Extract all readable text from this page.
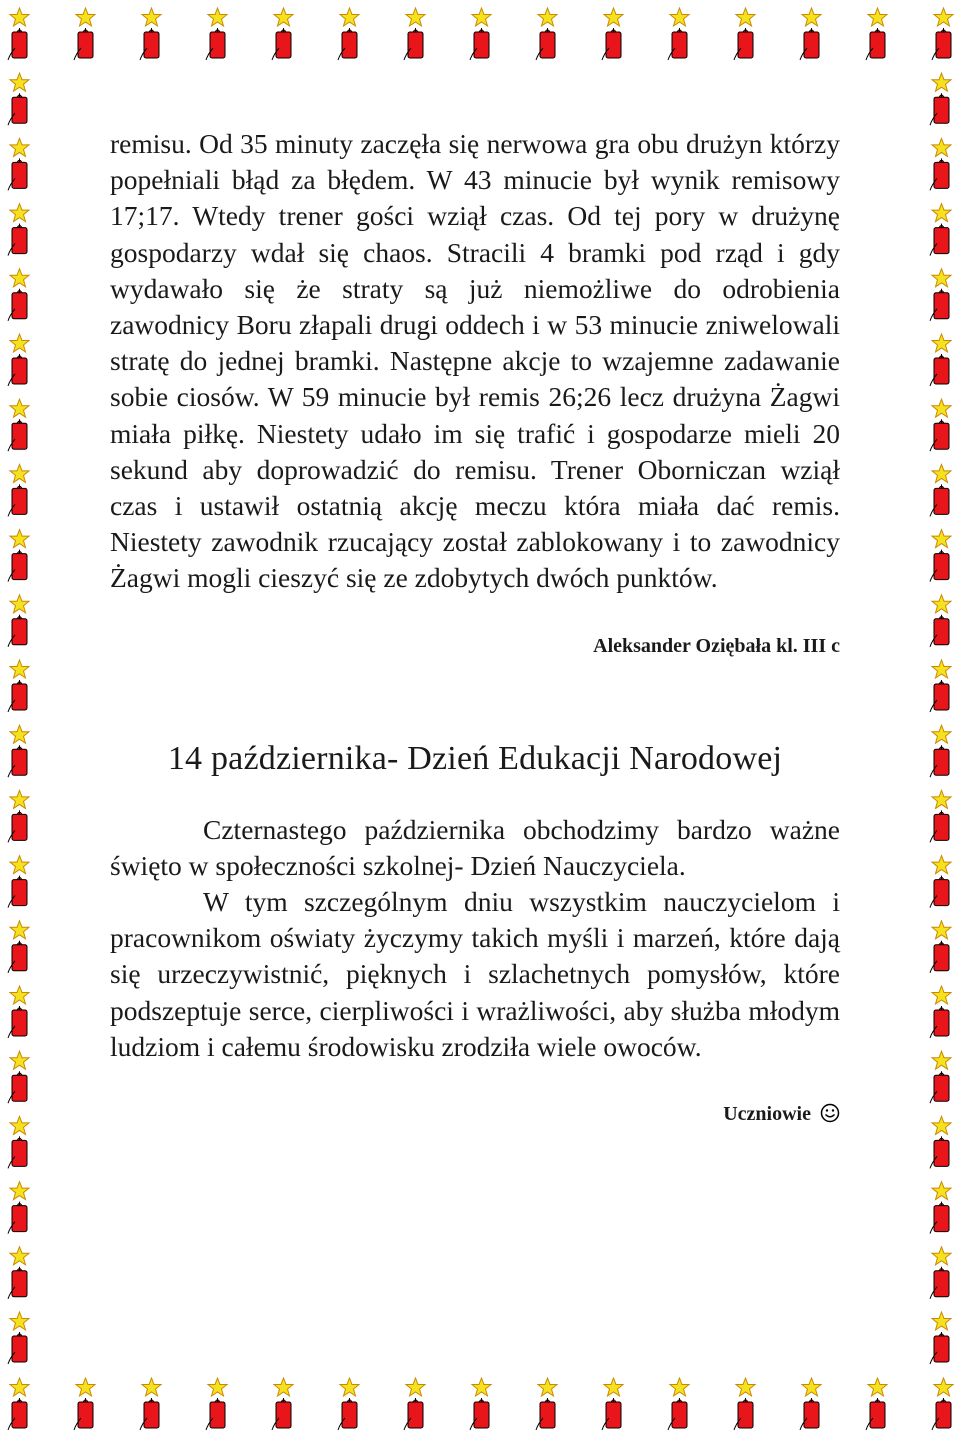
remisu. Od 35 minuty zaczęła się nerwowa gra obu drużyn którzy popełniali błąd za błędem. W 43 minucie był wynik remisowy 17;17. Wtedy trener gości wziął czas. Od tej pory w drużynę gospodarzy wdał się chaos. Stracili 4 bramki pod rząd i gdy wydawało się że straty są już niemożliwe do odrobienia zawodnicy Boru złapali drugi oddech i w 53 minucie zniwelowali stratę do jednej bramki. Następne akcje to wzajemne zadawanie sobie ciosów. W 59 minucie był remis 26;26 lecz drużyna Żagwi miała piłkę. Niestety udało im się trafić i gospodarze mieli 20 sekund aby doprowadzić do remisu. Trener Oborniczan wziął czas i ustawił ostatnią akcję meczu która miała dać remis. Niestety zawodnik rzucający został zablokowany i to zawodnicy Żagwi mogli cieszyć się ze zdobytych dwóch punktów.

Aleksander Oziębała kl. III c

14 października- Dzień Edukacji Narodowej

Czternastego października obchodzimy bardzo ważne święto w społeczności szkolnej- Dzień Nauczyciela.

W tym szczególnym dniu wszystkim nauczycielom i pracownikom oświaty życzymy takich myśli i marzeń, które dają się urzeczywistnić, pięknych i szlachetnych pomysłów, które podszeptuje serce, cierpliwości i wrażliwości, aby służba młodym ludziom i całemu środowisku zrodziła wiele owoców.

Uczniowie
